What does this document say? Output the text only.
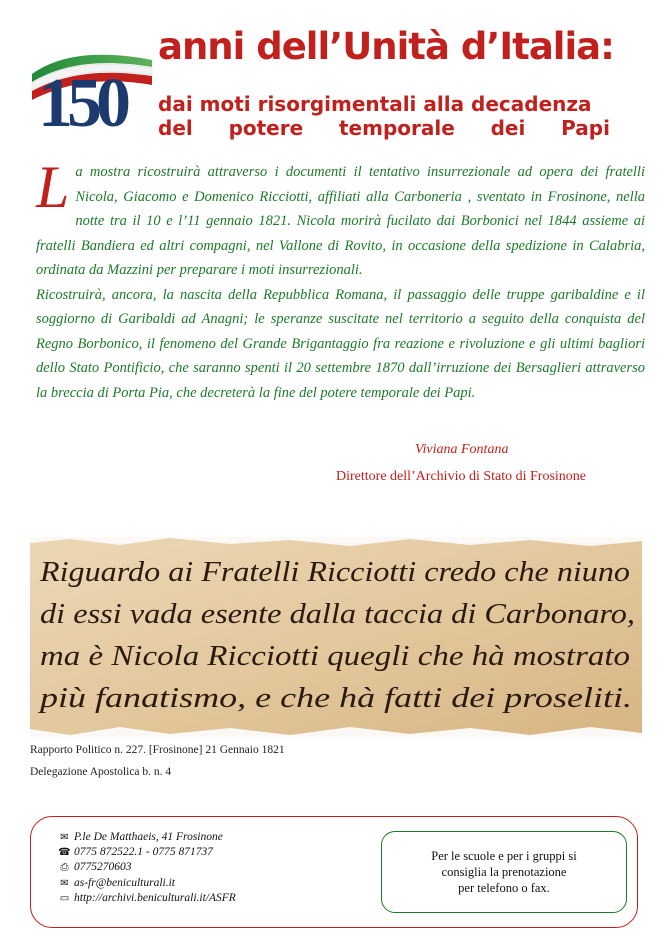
150
anni dell’Unità d’Italia:
dai moti risorgimentali alla decadenza
del potere temporale dei Papi

La mostra ricostruirà attraverso i documenti il tentativo insurrezionale ad opera dei fratelli Nicola, Giacomo e Domenico Ricciotti, affiliati alla Carboneria , sventato in Frosinone, nella notte tra il 10 e l’11 gennaio 1821. Nicola morirà fucilato dai Borbonici nel 1844 assieme ai fratelli Bandiera ed altri compagni, nel Vallone di Rovito, in occasione della spedizione in Calabria, ordinata da Mazzini per preparare i moti insurrezionali.

Ricostruirà, ancora, la nascita della Repubblica Romana, il passaggio delle truppe garibaldine e il soggiorno di Garibaldi ad Anagni; le speranze suscitate nel territorio a seguito della conquista del Regno Borbonico, il fenomeno del Grande Brigantaggio fra reazione e rivoluzione e gli ultimi bagliori dello Stato Pontificio, che saranno spenti il 20 settembre 1870 dall’irruzione dei Bersaglieri attraverso la breccia di Porta Pia, che decreterà la fine del potere temporale dei Papi.

Viviana Fontana
Direttore dell’Archivio di Stato di Frosinone
Riguardo ai Fratelli Ricciotti credo che niuno
di essi vada esente dalla taccia di Carbonaro,
ma è Nicola Ricciotti quegli che hà mostrato
più fanatismo, e che hà fatti dei proseliti.
Rapporto Politico n. 227. [Frosinone] 21 Gennaio 1821
Delegazione Apostolica b. n. 4
✉ P.le De Matthaeis, 41 Frosinone
☎ 0775 872522.1 - 0775 871737
⎙ 0775270603
✉ as-fr@beniculturali.it
▭ http://archivi.beniculturali.it/ASFR
Per le scuole e per i gruppi si
consiglia la prenotazione
per telefono o fax.
